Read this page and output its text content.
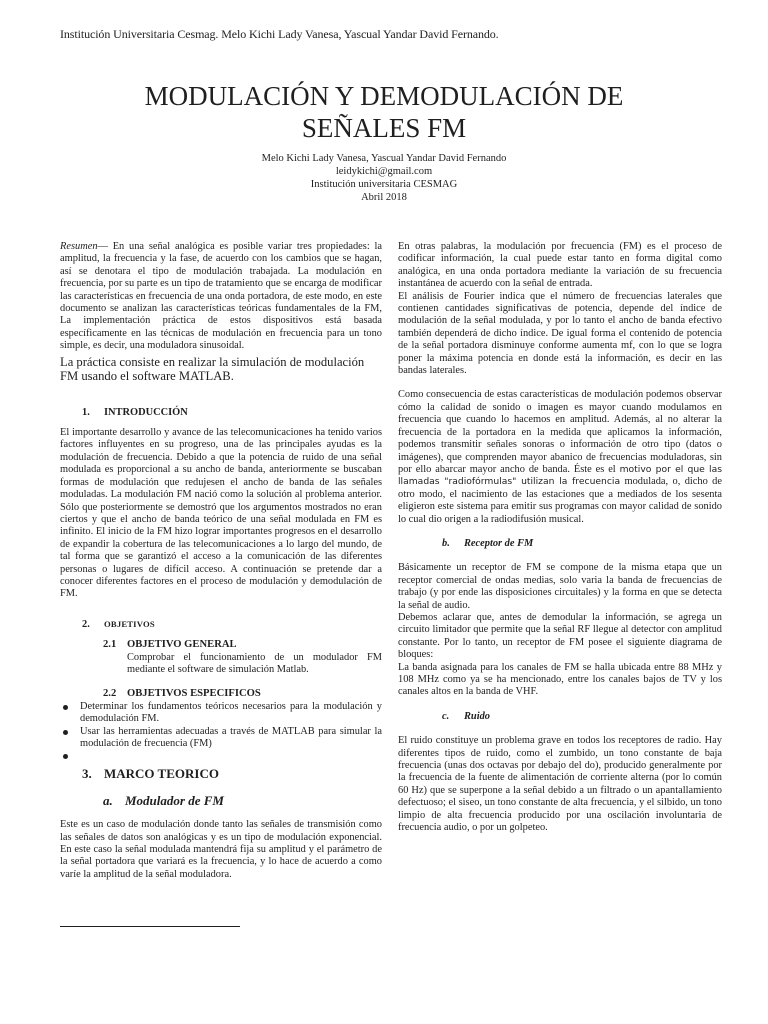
Institución Universitaria Cesmag. Melo Kichi Lady Vanesa, Yascual Yandar David Fernando.
MODULACIÓN Y DEMODULACIÓN DE
SEÑALES FM
Melo Kichi Lady Vanesa, Yascual Yandar David Fernando
leidykichi@gmail.com
Institución universitaria CESMAG
Abril 2018

Resumen— En una señal analógica es posible variar tres propiedades: la amplitud, la frecuencia y la fase, de acuerdo con los cambios que se hagan, así se denotara el tipo de modulación trabajada. La modulación en frecuencia, por su parte es un tipo de tratamiento que se encarga de modificar las características en frecuencia de una onda portadora, de este modo, en este documento se analizan las características teóricas fundamentales de la FM, La implementación práctica de estos dispositivos está basada específicamente en las técnicas de modulación en frecuencia para un tono simple, es decir, una moduladora sinusoidal.

La práctica consiste en realizar la simulación de modulación FM usando el software MATLAB.

1. INTRODUCCIÓN

El importante desarrollo y avance de las telecomunicaciones ha tenido varios factores influyentes en su progreso, una de las principales ayudas es la modulación de frecuencia. Debido a que la potencia de ruido de una señal modulada es proporcional a su ancho de banda, anteriormente se buscaban formas de modulación que redujesen el ancho de banda de las señales moduladas. La modulación FM nació como la solución al problema anterior. Sólo que posteriormente se demostró que los argumentos mostrados no eran ciertos y que el ancho de banda teórico de una señal modulada en FM es infinito. El inicio de la FM hizo lograr importantes progresos en el desarrollo de expandir la cobertura de las telecomunicaciones a lo largo del mundo, de tal forma que se garantizó el acceso a la comunicación de las diferentes personas o lugares de difícil acceso. A continuación se pretende dar a conocer diferentes factores en el proceso de modulación y demodulación de FM.

2. OBJETIVOS

2.1 OBJETIVO GENERAL

Comprobar el funcionamiento de un modulador FM mediante el software de simulación Matlab.

2.2 OBJETIVOS ESPECIFICOS

Determinar los fundamentos teóricos necesarios para la modulación y demodulación FM.

Usar las herramientas adecuadas a través de MATLAB para simular la modulación de frecuencia (FM)

3. MARCO TEORICO

a. Modulador de FM

Este es un caso de modulación donde tanto las señales de transmisión como las señales de datos son analógicas y es un tipo de modulación exponencial. En este caso la señal modulada mantendrá fija su amplitud y el parámetro de la señal portadora que variará es la frecuencia, y lo hace de acuerdo a como varíe la amplitud de la señal moduladora.

En otras palabras, la modulación por frecuencia (FM) es el proceso de codificar información, la cual puede estar tanto en forma digital como analógica, en una onda portadora mediante la variación de su frecuencia instantánea de acuerdo con la señal de entrada.

El análisis de Fourier indica que el número de frecuencias laterales que contienen cantidades significativas de potencia, depende del índice de modulación de la señal modulada, y por lo tanto el ancho de banda efectivo también dependerá de dicho índice. De igual forma el contenido de potencia de la señal portadora disminuye conforme aumenta mf, con lo que se logra poner la máxima potencia en donde está la información, es decir en las bandas laterales.

Como consecuencia de estas características de modulación podemos observar cómo la calidad de sonido o imagen es mayor cuando modulamos en frecuencia que cuando lo hacemos en amplitud. Además, al no alterar la frecuencia de la portadora en la medida que aplicamos la información, podemos transmitir señales sonoras o información de otro tipo (datos o imágenes), que comprenden mayor abanico de frecuencias moduladoras, sin por ello abarcar mayor ancho de banda. Éste es el motivo por el que las llamadas "radiofórmulas" utilizan la frecuencia modulada, o, dicho de otro modo, el nacimiento de las estaciones que a mediados de los sesenta eligieron este sistema para emitir sus programas con mayor calidad de sonido lo cual dio origen a la radiodifusión musical.

b. Receptor de FM

Básicamente un receptor de FM se compone de la misma etapa que un receptor comercial de ondas medias, solo varia la banda de frecuencias de trabajo (y por ende las disposiciones circuitales) y la forma en que se detecta la señal de audio.

Debemos aclarar que, antes de demodular la información, se agrega un circuito limitador que permite que la señal RF llegue al detector con amplitud constante. Por lo tanto, un receptor de FM posee el siguiente diagrama de bloques:

La banda asignada para los canales de FM se halla ubicada entre 88 MHz y 108 MHz como ya se ha mencionado, entre los canales bajos de TV y los canales altos en la banda de VHF.

c. Ruido

El ruido constituye un problema grave en todos los receptores de radio. Hay diferentes tipos de ruido, como el zumbido, un tono constante de baja frecuencia (unas dos octavas por debajo del do), producido generalmente por la frecuencia de la fuente de alimentación de corriente alterna (por lo común 60 Hz) que se superpone a la señal debido a un filtrado o un apantallamiento defectuoso; el siseo, un tono constante de alta frecuencia, y el silbido, un tono limpio de alta frecuencia producido por una oscilación involuntaria de frecuencia audio, o por un golpeteo.
